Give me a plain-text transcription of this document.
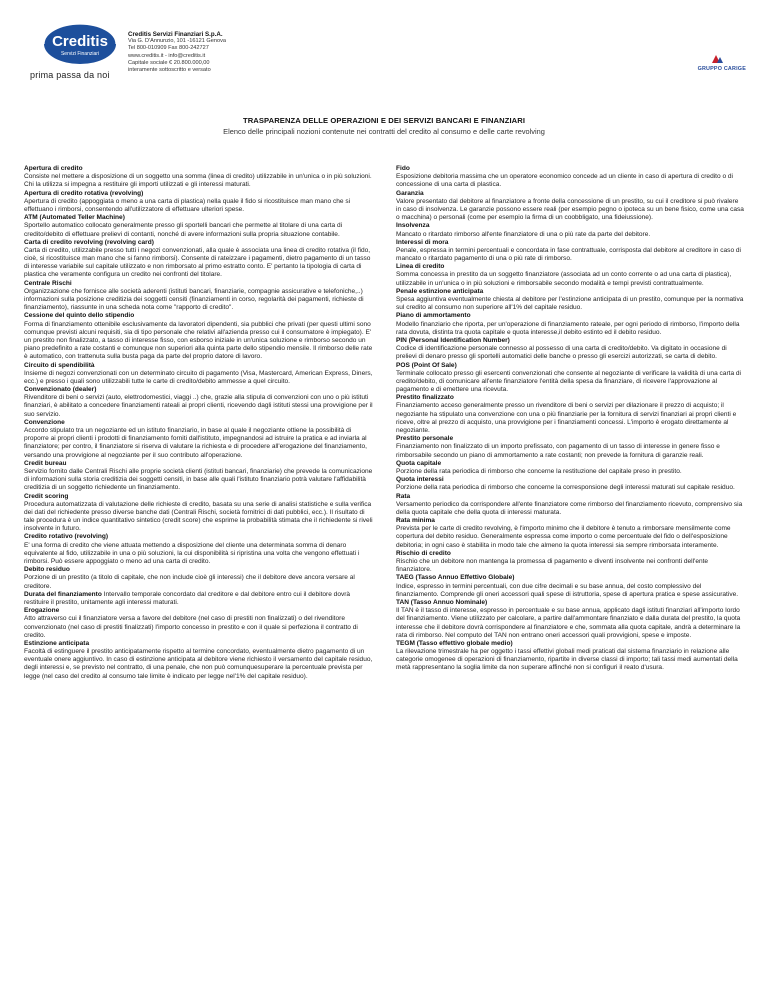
Creditis
Servizi Finanziari
prima passa da noi
Creditis Servizi Finanziari S.p.A.
Via G. D'Annunzio, 101 -16121 Genova
Tel 800-010909 Fax 800-242727
www.creditis.it - info@creditis.it
Capitale sociale € 20.800.000,00
interamente sottoscritto e versato	GRUPPO CARIGE
TRASPARENZA DELLE OPERAZIONI E DEI SERVIZI BANCARI E FINANZIARI
Elenco delle principali nozioni contenute nei contratti del credito al consumo e delle carte revolving
Apertura di credito
Consiste nel mettere a disposizione di un soggetto una somma (linea di credito) utilizzabile in un'unica o in più soluzioni. Chi la utilizza si impegna a restituire gli importi utilizzati e gli interessi maturati.
Apertura di credito rotativa (revolving)
Apertura di credito (appoggiata o meno a una carta di plastica) nella quale il fido si ricostituisce man mano che si effettuano i rimborsi, consentendo all'utilizzatore di effettuare ulteriori spese.
ATM (Automated Teller Machine)
Sportello automatico collocato generalmente presso gli sportelli bancari che permette al titolare di una carta di credito/debito di effettuare prelievi di contanti, nonché di avere informazioni sulla propria situazione contabile.
Carta di credito revolving (revolving card)
Carta di credito, utilizzabile presso tutti i negozi convenzionati, alla quale è associata una linea di credito rotativa (il fido, cioè, si ricostituisce man mano che si fanno rimborsi). Consente di rateizzare i pagamenti, dietro pagamento di un tasso di interesse variabile sul capitale utilizzato e non rimborsato al primo estratto conto. E' pertanto la tipologia di carta di plastica che veramente configura un credito nei confronti del titolare.
Centrale Rischi
Organizzazione che fornisce alle società aderenti (istituti bancari, finanziarie, compagnie assicurative e telefoniche,..) informazioni sulla posizione creditizia dei soggetti censiti (finanziamenti in corso, regolarità dei pagamenti, richieste di finanziamento), riassunte in una scheda nota come "rapporto di credito".
Cessione del quinto dello stipendio
Forma di finanziamento ottenibile esclusivamente da lavoratori dipendenti, sia pubblici che privati (per questi ultimi sono comunque previsti alcuni requisiti, sia di tipo personale che relativi all'azienda presso cui il consumatore è impiegato). E' un prestito non finalizzato, a tasso di interesse fisso, con esborso iniziale in un'unica soluzione e rimborso secondo un piano predefinito a rate costanti e comunque non superiori alla quinta parte dello stipendio mensile. Il rimborso delle rate è automatico, con trattenuta sulla busta paga da parte del proprio datore di lavoro.
Circuito di spendibilità
Insieme di negozi convenzionati con un determinato circuito di pagamento (Visa, Mastercard, American Express, Diners, ecc.) e presso i quali sono utilizzabili tutte le carte di credito/debito ammesse a quel circuito.
Convenzionato (dealer)
Rivenditore di beni o servizi (auto, elettrodomestici, viaggi ..) che, grazie alla stipula di convenzioni con uno o più istituti finanziari, è abilitato a concedere finanziamenti rateali ai propri clienti, ricevendo dagli istituti stessi una provvigione per il suo servizio.
Convenzione
Accordo stipulato tra un negoziante ed un istituto finanziario, in base al quale il negoziante ottiene la possibilità di proporre ai propri clienti i prodotti di finanziamento forniti dall'istituto, impegnandosi ad istruire la pratica e ad inviarla al finanziatore; per contro, il finanziatore si riserva di valutare la richiesta e di procedere all'erogazione del finanziamento, versando una provvigione al negoziante per il suo contributo all'operazione.
Credit bureau
Servizio fornito dalle Centrali Rischi alle proprie società clienti (istituti bancari, finanziarie) che prevede la comunicazione di informazioni sulla storia creditizia dei soggetti censiti, in base alle quali l'istituto finanziario potrà valutare l'affidabilità creditizia di un soggetto richiedente un finanziamento.
Credit scoring
Procedura automatizzata di valutazione delle richieste di credito, basata su una serie di analisi statistiche e sulla verifica dei dati del richiedente presso diverse banche dati (Centrali Rischi, società fornitrici di dati pubblici, ecc.). Il risultato di tale procedura è un indice quantitativo sintetico (credit score) che esprime la probabilità stimata che il richiedente si riveli insolvente in futuro.
Credito rotativo (revolving)
E' una forma di credito che viene attuata mettendo a disposizione del cliente una determinata somma di denaro equivalente al fido, utilizzabile in una o più soluzioni, la cui disponibilità si ripristina una volta che vengono effettuati i rimborsi. Può essere appoggiato o meno ad una carta di credito.
Debito residuo
Porzione di un prestito (a titolo di capitale, che non include cioè gli interessi) che il debitore deve ancora versare al creditore.
Durata del finanziamento Intervallo temporale concordato dal creditore e dal debitore entro cui il debitore dovrà restituire il prestito, unitamente agli interessi maturati.
Erogazione
Atto attraverso cui il finanziatore versa a favore del debitore (nel caso di prestiti non finalizzati) o del rivenditore convenzionato (nel caso di prestiti finalizzati) l'importo concesso in prestito e con il quale si perfeziona il contratto di credito.
Estinzione anticipata
Facoltà di estinguere il prestito anticipatamente rispetto al termine concordato, eventualmente dietro pagamento di un eventuale onere aggiuntivo. In caso di estinzione anticipata al debitore viene richiesto il versamento del capitale residuo, degli interessi e, se previsto nel contratto, di una penale, che non può comunquesuperare la percentuale prevista per legge (nel caso del credito al consumo tale limite è indicato per legge nel'1% del capitale residuo).
Fido
Esposizione debitoria massima che un operatore economico concede ad un cliente in caso di apertura di credito o di concessione di una carta di plastica.
Garanzia
Valore presentato dal debitore al finanziatore a fronte della concessione di un prestito, su cui il creditore si può rivalere in caso di insolvenza. Le garanzie possono essere reali (per esempio pegno o ipoteca su un bene fisico, come una casa o macchina) o personali (come per esempio la firma di un coobbligato, una fideiussione).
Insolvenza
Mancato o ritardato rimborso all'ente finanziatore di una o più rate da parte del debitore.
Interessi di mora
Penale, espressa in termini percentuali e concordata in fase contrattuale, corrisposta dal debitore al creditore in caso di mancato o ritardato pagamento di una o più rate di rimborso.
Linea di credito
Somma concessa in prestito da un soggetto finanziatore (associata ad un conto corrente o ad una carta di plastica), utilizzabile in un'unica o in più soluzioni e rimborsabile secondo modalità e tempi previsti contrattualmente.
Penale estinzione anticipata
Spesa aggiuntiva eventualmente chiesta al debitore per l'estinzione anticipata di un prestito, comunque per la normativa sul credito al consumo non superiore all'1% del capitale residuo.
Piano di ammortamento
Modello finanziario che riporta, per un'operazione di finanziamento rateale, per ogni periodo di rimborso, l'importo della rata dovuta, distinta tra quota capitale e quota interesse,il debito estinto ed il debito residuo.
PIN (Personal Identification Number)
Codice di identificazione personale connesso al possesso di una carta di credito/debito. Va digitato in occasione di prelievi di denaro presso gli sportelli automatici delle banche o presso gli esercizi autorizzati, se carta di debito.
POS (Point Of Sale)
Terminale collocato presso gli esercenti convenzionati che consente al negoziante di verificare la validità di una carta di credito/debito, di comunicare all'ente finanziatore l'entità della spesa da finanziare, di ricevere l'approvazione al pagamento e di emettere una ricevuta.
Prestito finalizzato
Finanziamento acceso generalmente presso un rivenditore di beni o servizi per dilazionare il prezzo di acquisto; il negoziante ha stipulato una convenzione con una o più finanziarie per la fornitura di servizi finanziari ai propri clienti e riceve, oltre al prezzo di acquisto, una provvigione per i finanziamenti concessi. L'importo è erogato direttamente al negoziante.
Prestito personale
Finanziamento non finalizzato di un importo prefissato, con pagamento di un tasso di interesse in genere fisso e rimborsabile secondo un piano di ammortamento a rate costanti; non prevede la fornitura di garanzie reali.
Quota capitale
Porzione della rata periodica di rimborso che concerne la restituzione del capitale preso in prestito.
Quota interessi
Porzione della rata periodica di rimborso che concerne la corresponsione degli interessi maturati sul capitale residuo.
Rata
Versamento periodico da corrispondere all'ente finanziatore come rimborso del finanziamento ricevuto, comprensivo sia della quota capitale che della quota di interessi maturata.
Rata minima
Prevista per le carte di credito revolving, è l'importo minimo che il debitore è tenuto a rimborsare mensilmente come copertura del debito residuo. Generalmente espressa come importo o come percentuale del fido o dell'esposizione debitoria; in ogni caso è stabilita in modo tale che almeno la quota interessi sia sempre rimborsata interamente.
Rischio di credito
Rischio che un debitore non mantenga la promessa di pagamento e diventi insolvente nei confronti dell'ente finanziatore.
TAEG (Tasso Annuo Effettivo Globale)
Indice, espresso in termini percentuali, con due cifre decimali e su base annua, del costo complessivo del finanziamento. Comprende gli oneri accessori quali spese di istruttoria, spese di apertura pratica e spese assicurative.
TAN (Tasso Annuo Nominale)
Il TAN è il tasso di interesse, espresso in percentuale e su base annua, applicato dagli istituti finanziari all'importo lordo del finanziamento. Viene utilizzato per calcolare, a partire dall'ammontare finanziato e dalla durata del prestito, la quota interesse che il debitore dovrà corrispondere al finanziatore e che, sommata alla quota capitale, andrà a determinare la rata di rimborso. Nel computo del TAN non entrano oneri accessori quali provvigioni, spese e imposte.
TEGM (Tasso effettivo globale medio)
La rilevazione trimestrale ha per oggetto i tassi effettivi globali medi praticati dal sistema finanziario in relazione alle categorie omogenee di operazioni di finanziamento, ripartite in diverse classi di importo; tali tassi medi aumentati della metà rappresentano la soglia limite da non superare affinché non si configuri il reato d'usura.
